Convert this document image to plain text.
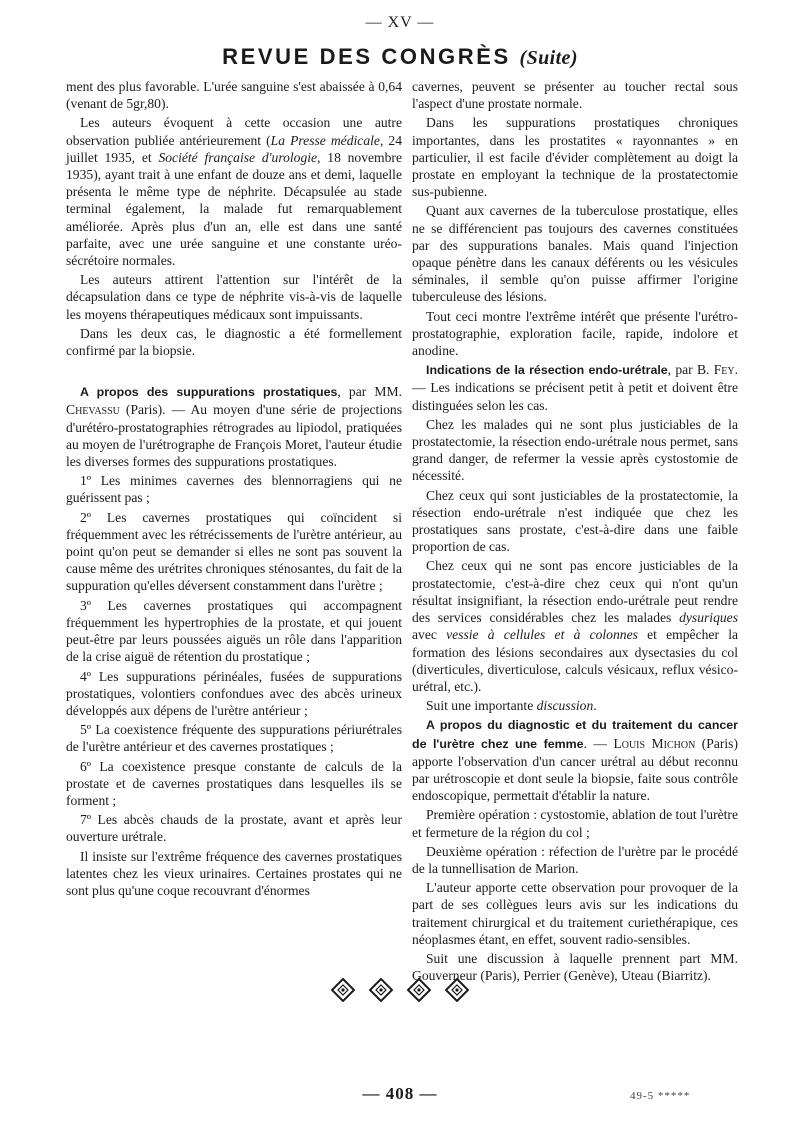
— XV —
REVUE DES CONGRÈS (Suite)

ment des plus favorable. L'urée sanguine s'est abaissée à 0,64 (venant de 5gr,80).

Les auteurs évoquent à cette occasion une autre observation publiée antérieurement (La Presse médicale, 24 juillet 1935, et Société française d'urologie, 18 novembre 1935), ayant trait à une enfant de douze ans et demi, laquelle présenta le même type de néphrite. Décapsulée au stade terminal également, la malade fut remarquablement améliorée. Après plus d'un an, elle est dans une santé parfaite, avec une urée sanguine et une constante uréo-sécrétoire normales.

Les auteurs attirent l'attention sur l'intérêt de la décapsulation dans ce type de néphrite vis-à-vis de laquelle les moyens thérapeutiques médicaux sont impuissants.

Dans les deux cas, le diagnostic a été formellement confirmé par la biopsie.

A propos des suppurations prostatiques, par MM. Chevassu (Paris). — Au moyen d'une série de projections d'urétéro-prostatographies rétrogrades au lipiodol, pratiquées au moyen de l'urétrographe de François Moret, l'auteur étudie les diverses formes des suppurations prostatiques.

1º Les minimes cavernes des blennorragiens qui ne guérissent pas ;

2º Les cavernes prostatiques qui coïncident si fréquemment avec les rétrécissements de l'urètre antérieur, au point qu'on peut se demander si elles ne sont pas souvent la cause même des urétrites chroniques sténosantes, du fait de la suppuration qu'elles déversent constamment dans l'urètre ;

3º Les cavernes prostatiques qui accompagnent fréquemment les hypertrophies de la prostate, et qui jouent peut-être par leurs poussées aiguës un rôle dans l'apparition de la crise aiguë de rétention du prostatique ;

4º Les suppurations périnéales, fusées de suppurations prostatiques, volontiers confondues avec des abcès urineux développés aux dépens de l'urètre antérieur ;

5º La coexistence fréquente des suppurations périurétrales de l'urètre antérieur et des cavernes prostatiques ;

6º La coexistence presque constante de calculs de la prostate et de cavernes prostatiques dans lesquelles ils se forment ;

7º Les abcès chauds de la prostate, avant et après leur ouverture urétrale.

Il insiste sur l'extrême fréquence des cavernes prostatiques latentes chez les vieux urinaires. Certaines prostates qui ne sont plus qu'une coque recouvrant d'énormes

cavernes, peuvent se présenter au toucher rectal sous l'aspect d'une prostate normale.

Dans les suppurations prostatiques chroniques importantes, dans les prostatites « rayonnantes » en particulier, il est facile d'évider complètement au doigt la prostate en employant la technique de la prostatectomie sus-pubienne.

Quant aux cavernes de la tuberculose prostatique, elles ne se différencient pas toujours des cavernes constituées par des suppurations banales. Mais quand l'injection opaque pénètre dans les canaux déférents ou les vésicules séminales, il semble qu'on puisse affirmer l'origine tuberculeuse des lésions.

Tout ceci montre l'extrême intérêt que présente l'urétro-prostatographie, exploration facile, rapide, indolore et anodine.

Indications de la résection endo-urétrale, par B. Fey. — Les indications se précisent petit à petit et doivent être distinguées selon les cas.

Chez les malades qui ne sont plus justiciables de la prostatectomie, la résection endo-urétrale nous permet, sans grand danger, de refermer la vessie après cystostomie de nécessité.

Chez ceux qui sont justiciables de la prostatectomie, la résection endo-urétrale n'est indiquée que chez les prostatiques sans prostate, c'est-à-dire dans une faible proportion de cas.

Chez ceux qui ne sont pas encore justiciables de la prostatectomie, c'est-à-dire chez ceux qui n'ont qu'un résultat insignifiant, la résection endo-urétrale peut rendre des services considérables chez les malades dysuriques avec vessie à cellules et à colonnes et empêcher la formation des lésions secondaires aux dysectasies du col (diverticules, diverticulose, calculs vésicaux, reflux vésico-urétral, etc.).

Suit une importante discussion.

A propos du diagnostic et du traitement du cancer de l'urètre chez une femme. — Louis Michon (Paris) apporte l'observation d'un cancer urétral au début reconnu par urétroscopie et dont seule la biopsie, faite sous contrôle endoscopique, permettait d'établir la nature.

Première opération : cystostomie, ablation de tout l'urètre et fermeture de la région du col ;

Deuxième opération : réfection de l'urètre par le procédé de la tunnellisation de Marion.

L'auteur apporte cette observation pour provoquer de la part de ses collègues leurs avis sur les indications du traitement chirurgical et du traitement curiethérapique, ces néoplasmes étant, en effet, souvent radio-sensibles.

Suit une discussion à laquelle prennent part MM. Gouverneur (Paris), Perrier (Genève), Uteau (Biarritz).

— 408 —	49-5 *****
